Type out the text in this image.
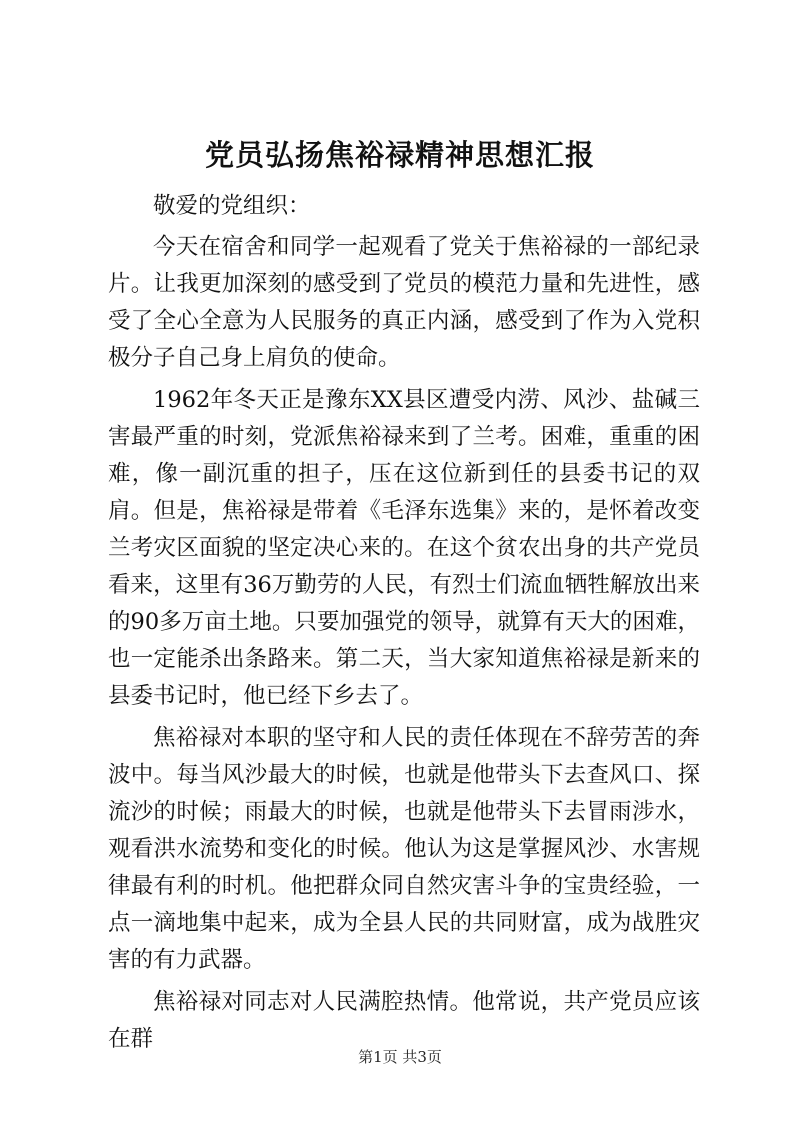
党员弘扬焦裕禄精神思想汇报

敬爱的党组织：

今天在宿舍和同学一起观看了党关于焦裕禄的一部纪录片。让我更加深刻的感受到了党员的模范力量和先进性，感受了全心全意为人民服务的真正内涵，感受到了作为入党积极分子自己身上肩负的使命。

1962年冬天正是豫东XX县区遭受内涝、风沙、盐碱三害最严重的时刻，党派焦裕禄来到了兰考。困难，重重的困难，像一副沉重的担子，压在这位新到任的县委书记的双肩。但是，焦裕禄是带着《毛泽东选集》来的，是怀着改变兰考灾区面貌的坚定决心来的。在这个贫农出身的共产党员看来，这里有36万勤劳的人民，有烈士们流血牺牲解放出来的90多万亩土地。只要加强党的领导，就算有天大的困难，也一定能杀出条路来。第二天，当大家知道焦裕禄是新来的县委书记时，他已经下乡去了。

焦裕禄对本职的坚守和人民的责任体现在不辞劳苦的奔波中。每当风沙最大的时候，也就是他带头下去查风口、探流沙的时候；雨最大的时候，也就是他带头下去冒雨涉水，观看洪水流势和变化的时候。他认为这是掌握风沙、水害规律最有利的时机。他把群众同自然灾害斗争的宝贵经验，一点一滴地集中起来，成为全县人民的共同财富，成为战胜灾害的有力武器。

焦裕禄对同志对人民满腔热情。他常说，共产党员应该在群

第1页 共3页
